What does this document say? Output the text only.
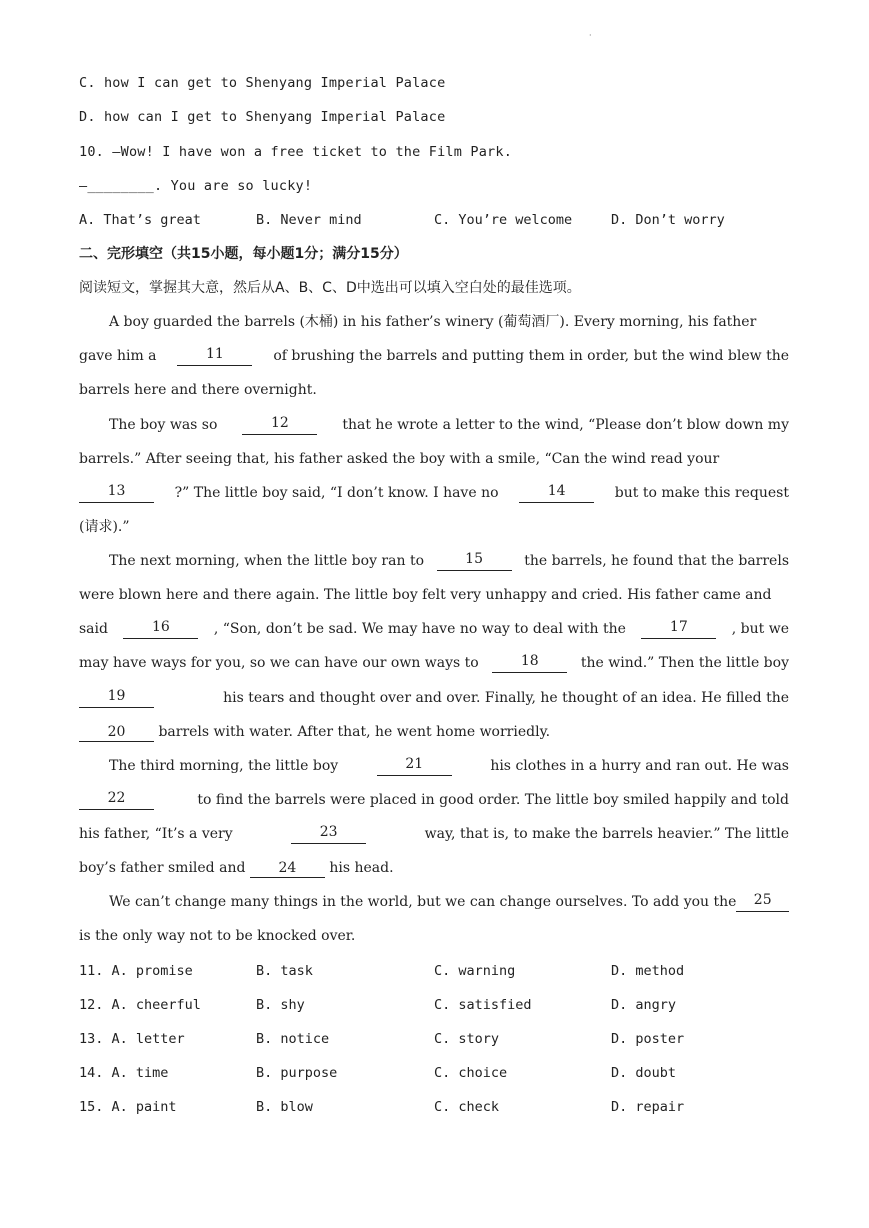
·
C. how I can get to Shenyang Imperial Palace
D. how can I get to Shenyang Imperial Palace
10. —Wow! I have won a free ticket to the Film Park.
—________. You are so lucky!
A. That’s great	B. Never mind	C. You’re welcome	D. Don’t worry
二、完形填空（共15小题，每小题1分；满分15分）
阅读短文，掌握其大意，然后从A、B、C、D中选出可以填入空白处的最佳选项。
A boy guarded the barrels (木桶) in his father’s winery (葡萄酒厂). Every morning, his father
gave him a	11	of brushing the barrels and putting them in order, but the wind blew the
barrels here and there overnight.
The boy was so	12	that he wrote a letter to the wind, “Please don’t blow down my
barrels.” After seeing that, his father asked the boy with a smile, “Can the wind read your
13	?” The little boy said, “I don’t know. I have no	14	but to make this request
(请求).”
The next morning, when the little boy ran to	15	the barrels, he found that the barrels
were blown here and there again. The little boy felt very unhappy and cried. His father came and
said	16	, “Son, don’t be sad. We may have no way to deal with the	17	, but we
may have ways for you, so we can have our own ways to	18	the wind.” Then the little boy
19	his tears and thought over and over. Finally, he thought of an idea. He filled the
20 barrels with water. After that, he went home worriedly.
The third morning, the little boy	21	his clothes in a hurry and ran out. He was
22	to find the barrels were placed in good order. The little boy smiled happily and told
his father, “It’s a very	23	way, that is, to make the barrels heavier.” The little
boy’s father smiled and 24 his head.
We can’t change many things in the world, but we can change ourselves. To add you the	25
is the only way not to be knocked over.
11. A. promise	B. task	C. warning	D. method
12. A. cheerful	B. shy	C. satisfied	D. angry
13. A. letter	B. notice	C. story	D. poster
14. A. time	B. purpose	C. choice	D. doubt
15. A. paint	B. blow	C. check	D. repair
